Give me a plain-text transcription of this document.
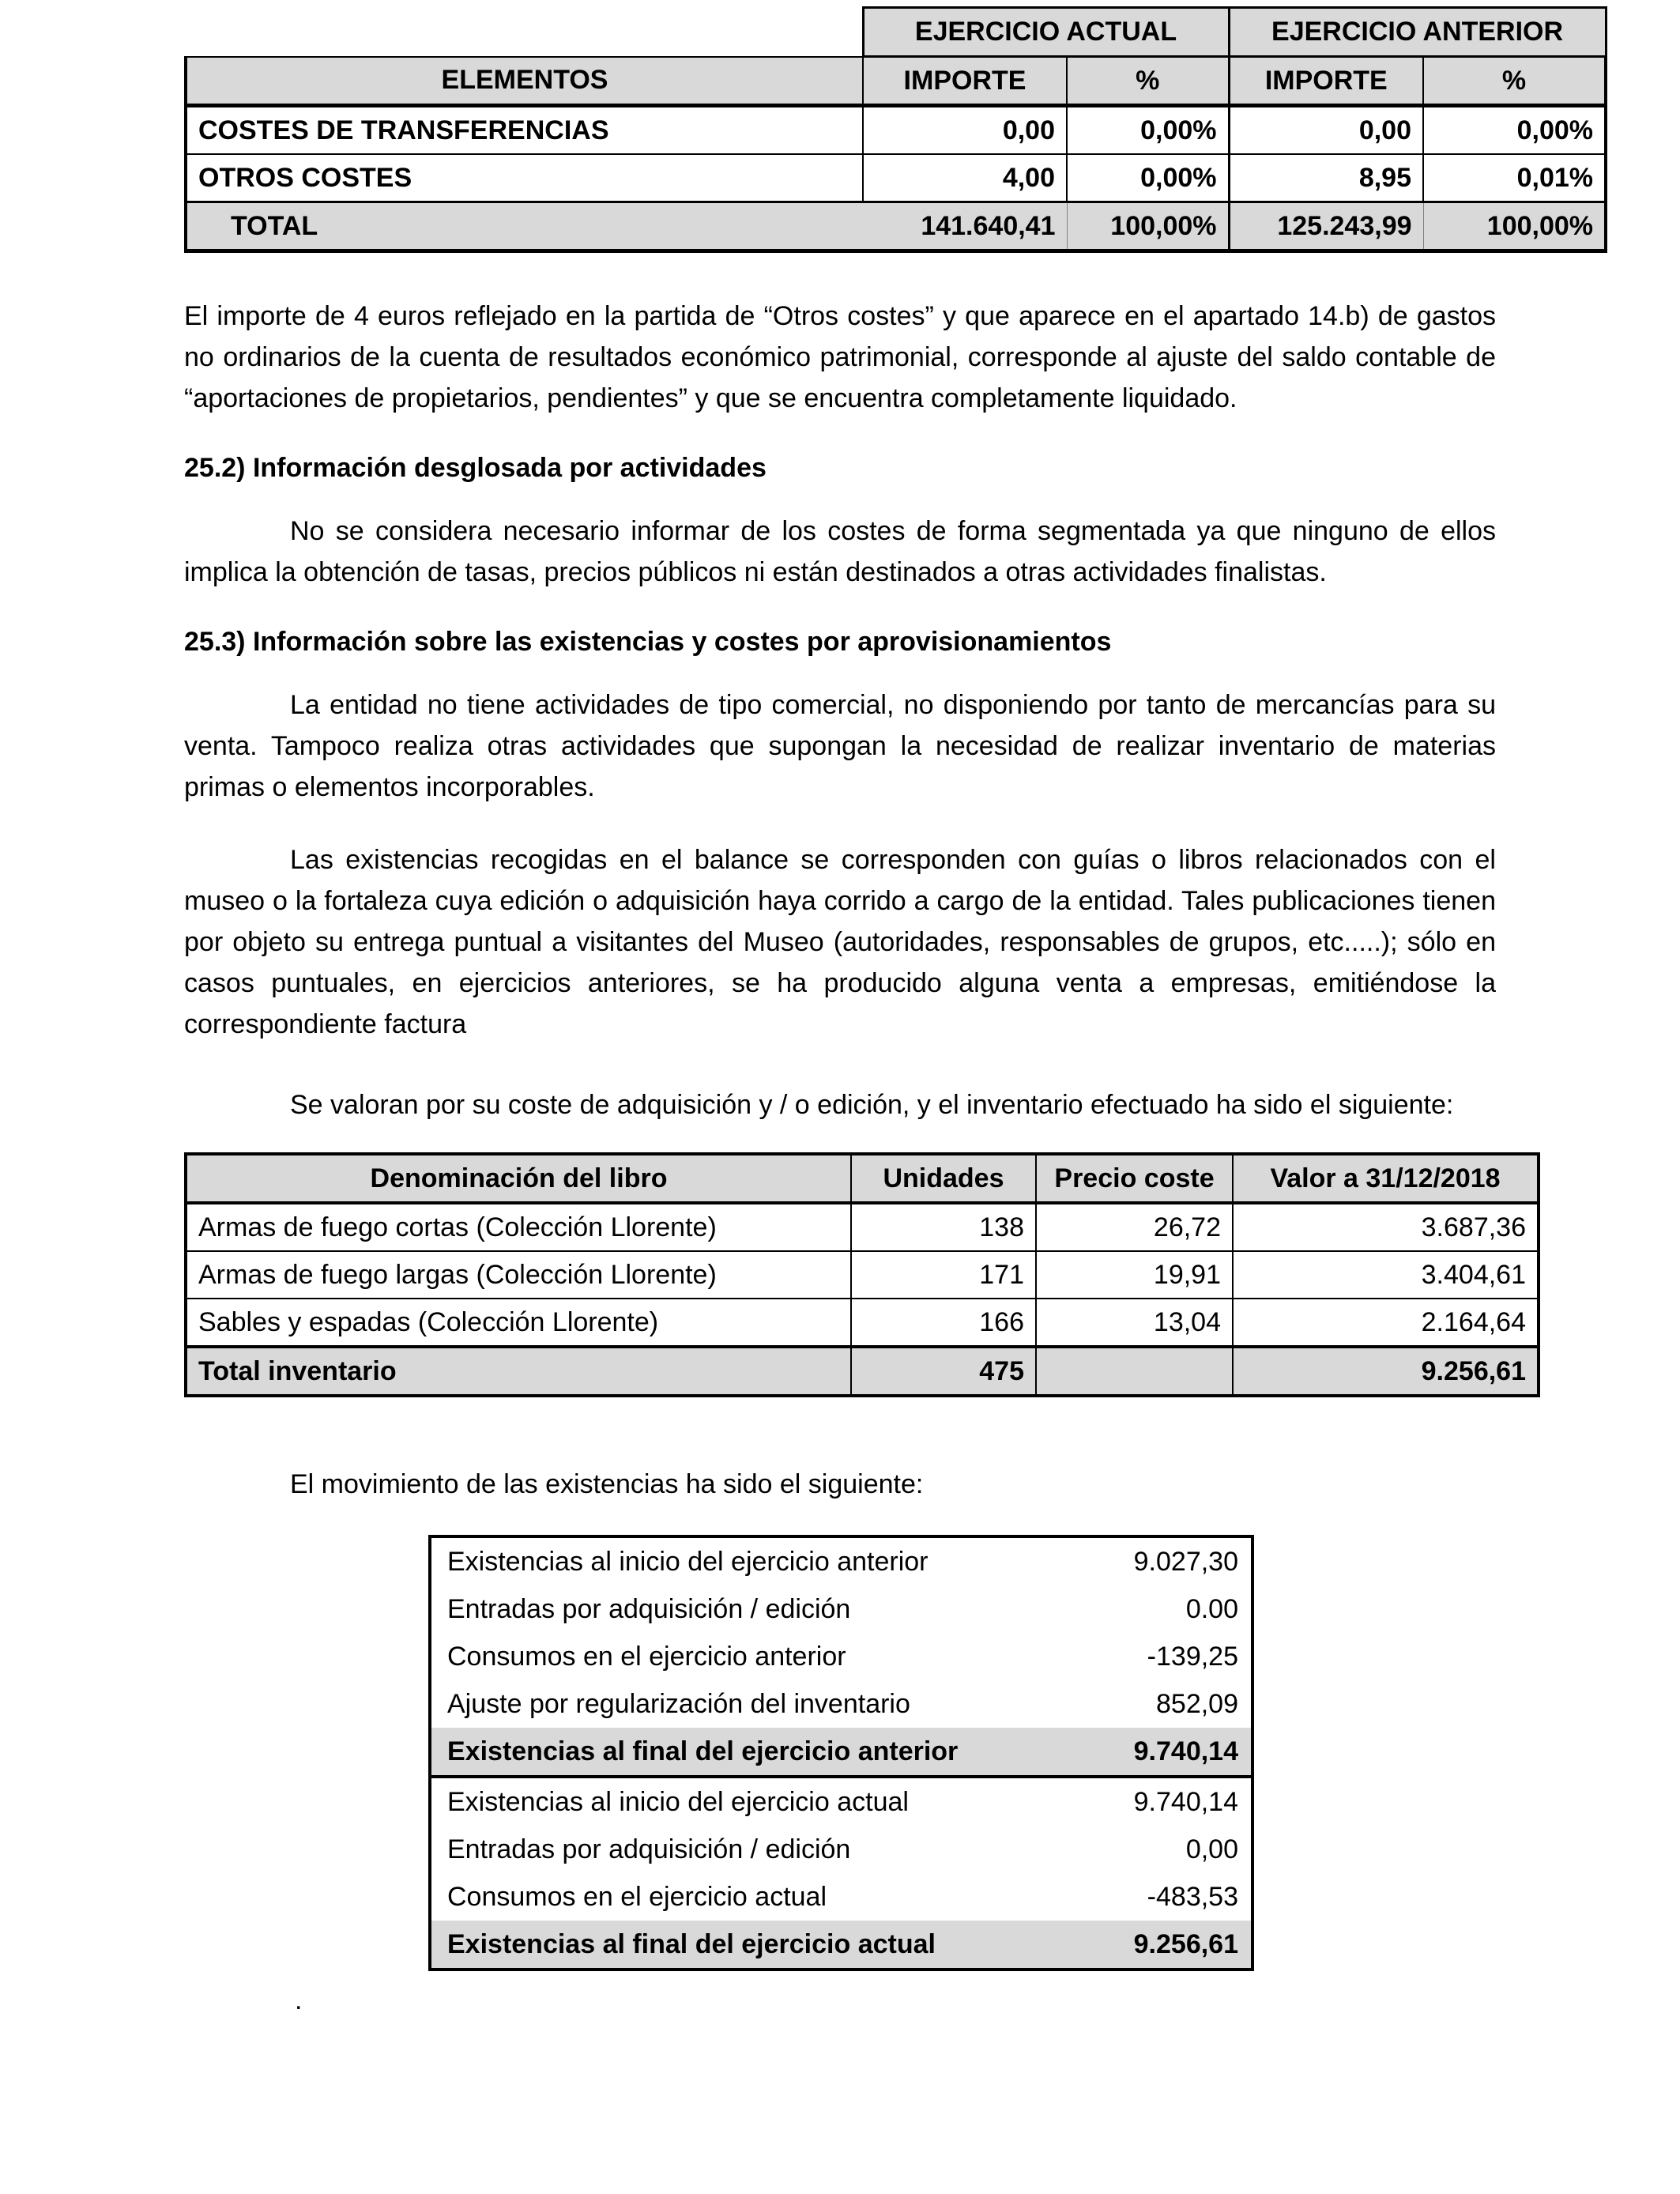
	EJERCICIO ACTUAL		EJERCICIO ANTERIOR	
ELEMENTOS	IMPORTE	%	IMPORTE	%
COSTES DE TRANSFERENCIAS	0,00	0,00%	0,00	0,00%
OTROS COSTES	4,00	0,00%	8,95	0,01%
TOTAL	141.640,41	100,00%	125.243,99	100,00%

El importe de 4 euros reflejado en la partida de “Otros costes” y que aparece en el apartado 14.b) de gastos no ordinarios de la cuenta de resultados económico patrimonial, corresponde al ajuste del saldo contable de “aportaciones de propietarios, pendientes” y que se encuentra completamente liquidado.

25.2) Información desglosada por actividades

No se considera necesario informar de los costes de forma segmentada ya que ninguno de ellos implica la obtención de tasas, precios públicos ni están destinados a otras actividades finalistas.

25.3) Información sobre las existencias y costes por aprovisionamientos

La entidad no tiene actividades de tipo comercial, no disponiendo por tanto de mercancías para su venta. Tampoco realiza otras actividades que supongan la necesidad de realizar inventario de materias primas o elementos incorporables.

Las existencias recogidas en el balance se corresponden con guías o libros relacionados con el museo o la fortaleza cuya edición o adquisición haya corrido a cargo de la entidad. Tales publicaciones tienen por objeto su entrega puntual a visitantes del Museo (autoridades, responsables de grupos, etc.....); sólo en casos puntuales, en ejercicios anteriores, se ha producido alguna venta a empresas, emitiéndose la correspondiente factura

Se valoran por su coste de adquisición y / o edición, y el inventario efectuado ha sido el siguiente:

Denominación del libro	Unidades	Precio coste	Valor a 31/12/2018
Armas de fuego cortas (Colección Llorente)	138	26,72	3.687,36
Armas de fuego largas (Colección Llorente)	171	19,91	3.404,61
Sables y espadas (Colección Llorente)	166	13,04	2.164,64
Total inventario	475		9.256,61

El movimiento de las existencias ha sido el siguiente:

Existencias al inicio del ejercicio anterior	9.027,30
Entradas por adquisición / edición	0.00
Consumos en el ejercicio anterior	-139,25
Ajuste por regularización del inventario	852,09
Existencias al final del ejercicio anterior	9.740,14
Existencias al inicio del ejercicio actual	9.740,14
Entradas por adquisición / edición	0,00
Consumos en el ejercicio actual	-483,53
Existencias al final del ejercicio actual	9.256,61
.
